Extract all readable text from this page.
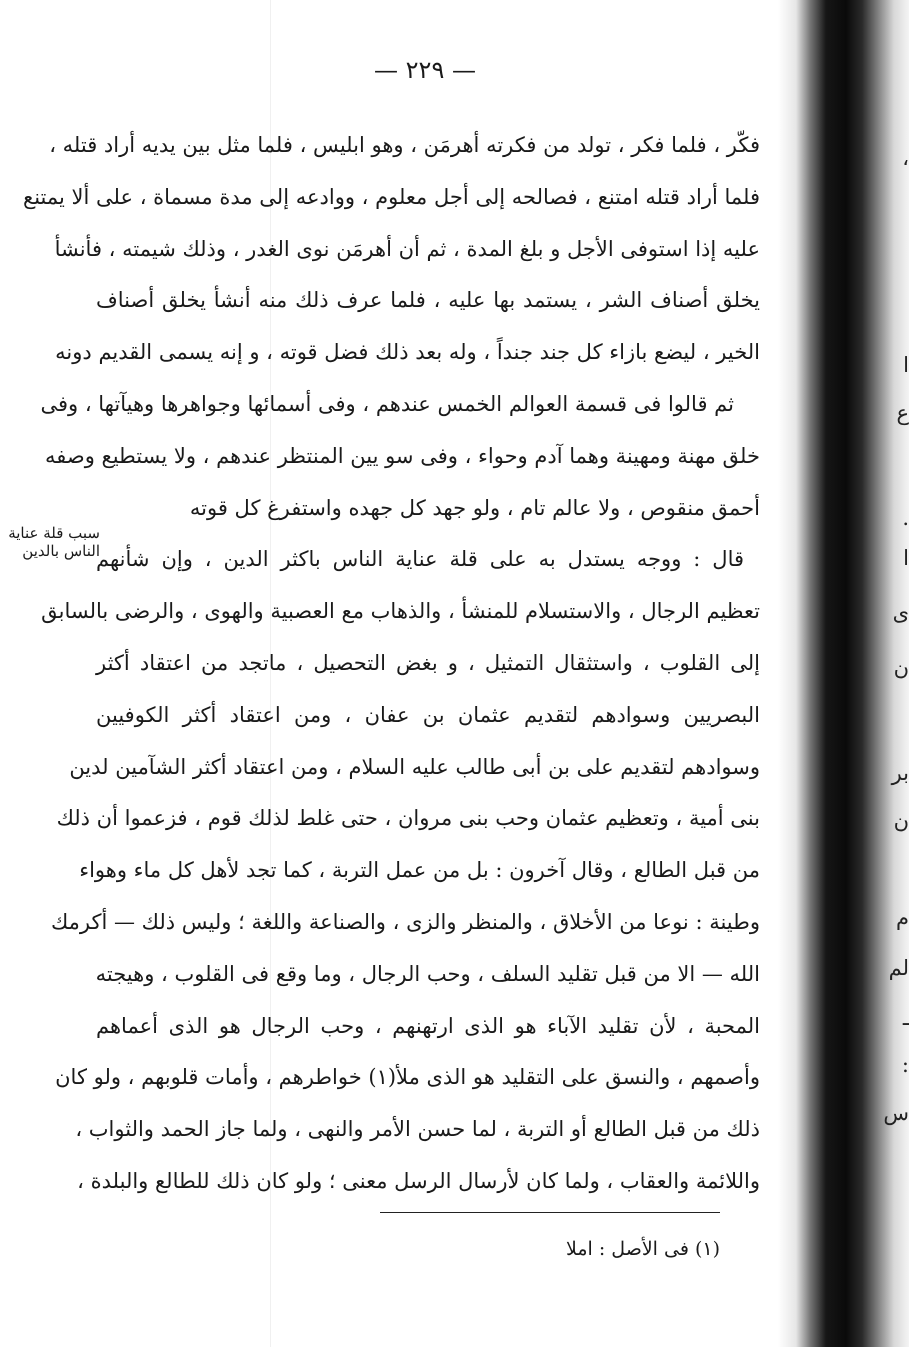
— ٢٢٩ —
فكّر ، فلما فكر ، تولد من فكرته أهرمَن ، وهو ابليس ، فلما مثل بين يديه أراد قتله ،
فلما أراد قتله امتنع ، فصالحه إلى أجل معلوم ، ووادعه إلى مدة مسماة ، على ألا يمتنع
عليه إذا استوفى الأجل و بلغ المدة ، ثم أن أهرمَن نوى الغدر ، وذلك شيمته ، فأنشأ
يخلق أصناف الشر ، يستمد بها عليه ، فلما عرف ذلك منه أنشأ يخلق أصناف
الخير ، ليضع بازاء كل جند جنداً ، وله بعد ذلك فضل قوته ، و إنه يسمى القديم دونه
ثم قالوا فى قسمة العوالم الخمس عندهم ، وفى أسمائها وجواهرها وهيآتها ، وفى
خلق مهنة ومهينة وهما آدم وحواء ، وفى سو يين المنتظر عندهم ، ولا يستطيع وصفه
أحمق منقوص ، ولا عالم تام ، ولو جهد كل جهده واستفرغ كل قوته
قال : ووجه يستدل به على قلة عناية الناس باكثر الدين ، وإن شأنهم
تعظيم الرجال ، والاستسلام للمنشأ ، والذهاب مع العصبية والهوى ، والرضى بالسابق
إلى القلوب ، واستثقال التمثيل ، و بغض التحصيل ، ماتجد من اعتقاد أكثر
البصريين وسوادهم لتقديم عثمان بن عفان ، ومن اعتقاد أكثر الكوفيين
وسوادهم لتقديم على بن أبى طالب عليه السلام ، ومن اعتقاد أكثر الشآمين لدين
بنى أمية ، وتعظيم عثمان وحب بنى مروان ، حتى غلط لذلك قوم ، فزعموا أن ذلك
من قبل الطالع ، وقال آخرون : بل من عمل التربة ، كما تجد لأهل كل ماء وهواء
وطينة : نوعا من الأخلاق ، والمنظر والزى ، والصناعة واللغة ؛ وليس ذلك — أكرمك
الله — الا من قبل تقليد السلف ، وحب الرجال ، وما وقع فى القلوب ، وهيجته
المحبة ، لأن تقليد الآباء هو الذى ارتهنهم ، وحب الرجال هو الذى أعماهم
وأصمهم ، والنسق على التقليد هو الذى ملأ(١) خواطرهم ، وأمات قلوبهم ، ولو كان
ذلك من قبل الطالع أو التربة ، لما حسن الأمر والنهى ، ولما جاز الحمد والثواب ،
واللائمة والعقاب ، ولما كان لأرسال الرسل معنى ؛ ولو كان ذلك للطالع والبلدة ،
سبب قلة عناية
الناس بالدين
(١) فى الأصل : املا
،
ا
ع
.
ا
ى
ن
بر
ن
م
لم
ـ
:
س
